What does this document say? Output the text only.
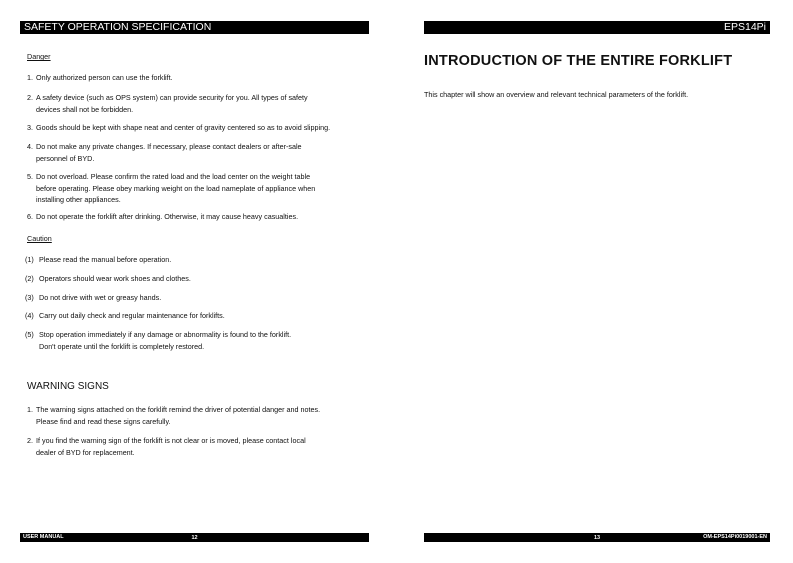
SAFETY OPERATION SPECIFICATION
Danger
1. Only authorized person can use the forklift.
2. A safety device (such as OPS system) can provide security for you. All types of safety
devices shall not be forbidden.
3. Goods should be kept with shape neat and center of gravity centered so as to avoid slipping.
4. Do not make any private changes. If necessary, please contact dealers or after-sale
personnel of BYD.
5. Do not overload. Please confirm the rated load and the load center on the weight table
before operating. Please obey marking weight on the load nameplate of appliance when
installing other appliances.
6. Do not operate the forklift after drinking. Otherwise, it may cause heavy casualties.
Caution
(1) Please read the manual before operation.
(2) Operators should wear work shoes and clothes.
(3) Do not drive with wet or greasy hands.
(4) Carry out daily check and regular maintenance for forklifts.
(5) Stop operation immediately if any damage or abnormality is found to the forklift.
Don't operate until the forklift is completely restored.
WARNING SIGNS
1. The warning signs attached on the forklift remind the driver of potential danger and notes.
Please find and read these signs carefully.
2. If you find the warning sign of the forklift is not clear or is moved, please contact local
dealer of BYD for replacement.
USER MANUAL	12
EPS14Pi
INTRODUCTION OF THE ENTIRE FORKLIFT
This chapter will show an overview and relevant technical parameters of the forklift.
13	OM-EPS14Pi0019001-EN
